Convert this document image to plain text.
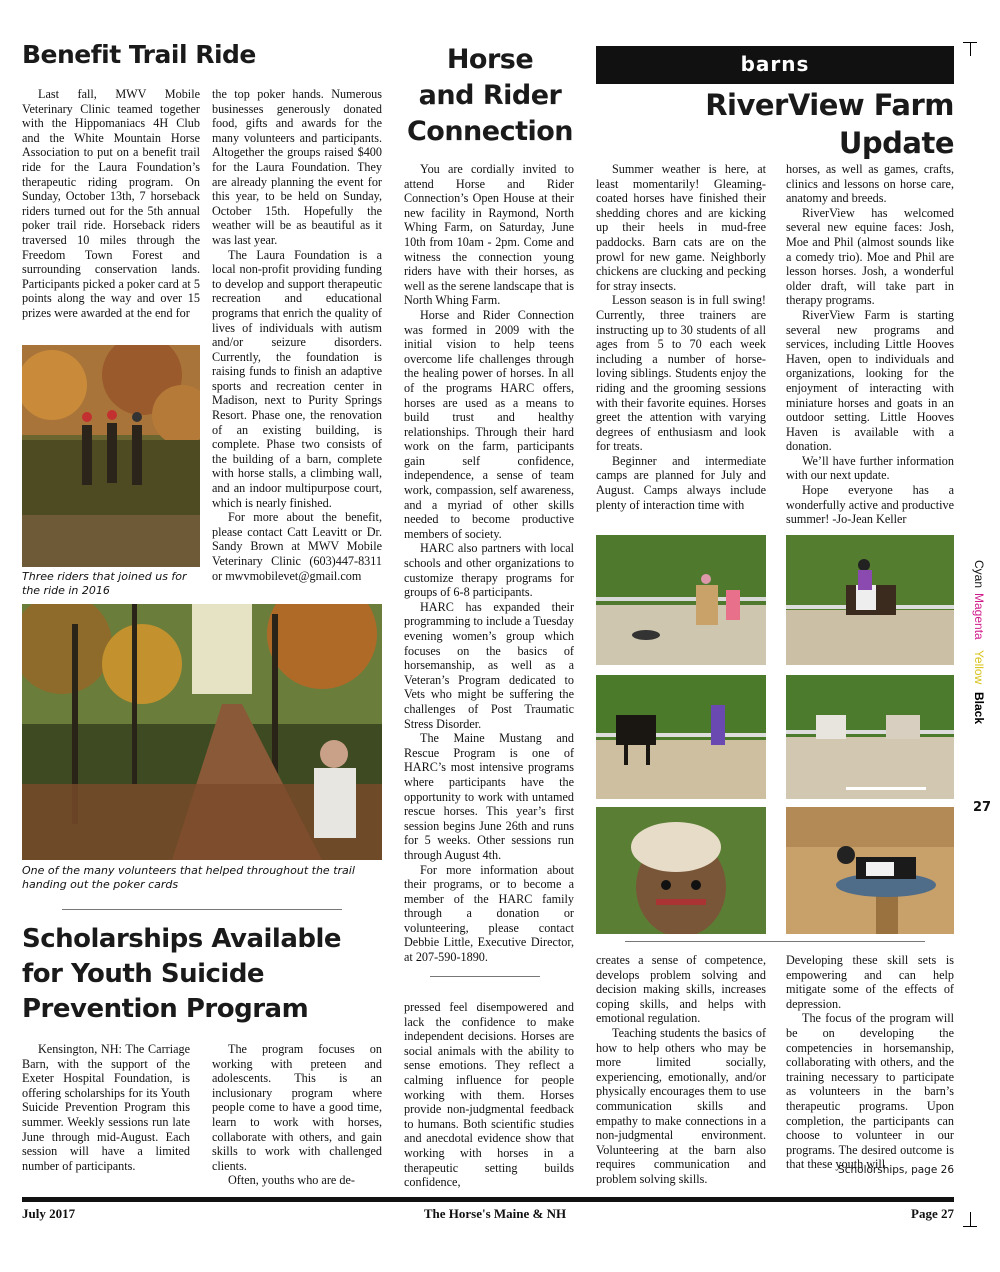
Benefit Trail Ride

Last fall, MWV Mobile Veterinary Clinic teamed together with the Hippomaniacs 4H Club and the White Mountain Horse Association to put on a benefit trail ride for the Laura Foundation’s therapeutic riding program. On Sunday, October 13th, 7 horseback riders turned out for the 5th annual poker trail ride. Horseback riders traversed 10 miles through the Freedom Town Forest and surrounding conservation lands. Participants picked a poker card at 5 points along the way and over 15 prizes were awarded at the end for

the top poker hands. Numerous businesses generously donated food, gifts and awards for the many volunteers and participants. Altogether the groups raised $400 for the Laura Foundation. They are already planning the event for this year, to be held on Sunday, October 15th. Hopefully the weather will be as beautiful as it was last year.

The Laura Foundation is a local non-profit providing funding to develop and support therapeutic recreation and educational programs that enrich the quality of lives of individuals with autism and/or seizure disorders. Currently, the foundation is raising funds to finish an adaptive sports and recreation center in Madison, next to Purity Springs Resort. Phase one, the renovation of an existing building, is complete. Phase two consists of the building of a barn, complete with horse stalls, a climbing wall, and an indoor multipurpose court, which is nearly finished.

For more about the benefit, please contact Catt Leavitt or Dr. Sandy Brown at MWV Mobile Veterinary Clinic (603)447-8311 or mwvmobilevet@gmail.com

Three riders that joined us for the ride in 2016
One of the many volunteers that helped throughout the trail handing out the poker cards
Scholarships Available
for Youth Suicide
Prevention Program

Kensington, NH: The Carriage Barn, with the support of the Exeter Hospital Foundation, is offering scholarships for its Youth Suicide Prevention Program this summer. Weekly sessions run late June through mid-August. Each session will have a limited number of participants.

The program focuses on working with preteen and adolescents. This is an inclusionary program where people come to have a good time, learn to work with horses, collaborate with others, and gain skills to work with challenged clients.

Often, youths who are de-

Horse
and Rider
Connection

You are cordially invited to attend Horse and Rider Connection’s Open House at their new facility in Raymond, North Whing Farm, on Saturday, June 10th from 10am - 2pm. Come and witness the connection young riders have with their horses, as well as the serene landscape that is North Whing Farm.

Horse and Rider Connection was formed in 2009 with the initial vision to help teens overcome life challenges through the healing power of horses. In all of the programs HARC offers, horses are used as a means to build trust and healthy relationships. Through their hard work on the farm, participants gain self confidence, independence, a sense of team work, compassion, self awareness, and a myriad of other skills needed to become productive members of society.

HARC also partners with local schools and other organizations to customize therapy programs for groups of 6-8 participants.

HARC has expanded their programming to include a Tuesday evening women’s group which focuses on the basics of horsemanship, as well as a Veteran’s Program dedicated to Vets who might be suffering the challenges of Post Traumatic Stress Disorder.

The Maine Mustang and Rescue Program is one of HARC’s most intensive programs where participants have the opportunity to work with untamed rescue horses. This year’s first session begins June 26th and runs for 5 weeks. Other sessions run through August 4th.

For more information about their programs, or to become a member of the HARC family through a donation or volunteering, please contact Debbie Little, Executive Director, at 207-590-1890.

pressed feel disempowered and lack the confidence to make independent decisions. Horses are social animals with the ability to sense emotions. They reflect a calming influence for people working with them. Horses provide non-judgmental feedback to humans. Both scientific studies and anecdotal evidence show that working with horses in a therapeutic setting builds confidence,

barns
RiverView Farm
Update

Summer weather is here, at least momentarily! Gleaming-coated horses have finished their shedding chores and are kicking up their heels in mud-free paddocks. Barn cats are on the prowl for new game. Neighborly chickens are clucking and pecking for stray insects.

Lesson season is in full swing! Currently, three trainers are instructing up to 30 students of all ages from 5 to 70 each week including a number of horse-loving siblings. Students enjoy the riding and the grooming sessions with their favorite equines. Horses greet the attention with varying degrees of enthusiasm and look for treats.

Beginner and intermediate camps are planned for July and August. Camps always include plenty of interaction time with

horses, as well as games, crafts, clinics and lessons on horse care, anatomy and breeds.

RiverView has welcomed several new equine faces: Josh, Moe and Phil (almost sounds like a comedy trio). Moe and Phil are lesson horses. Josh, a wonderful older draft, will take part in therapy programs.

RiverView Farm is starting several new programs and services, including Little Hooves Haven, open to individuals and organizations, looking for the enjoyment of interacting with miniature horses and goats in an outdoor setting. Little Hooves Haven is available with a donation.

We’ll have further information with our next update.

Hope everyone has a wonderfully active and productive summer! -Jo-Jean Keller

creates a sense of competence, develops problem solving and decision making skills, increases coping skills, and helps with emotional regulation.

Teaching students the basics of how to help others who may be more limited socially, experiencing, emotionally, and/or physically encourages them to use communication skills and empathy to make connections in a non-judgmental environment. Volunteering at the barn also requires communication and problem solving skills.

Developing these skill sets is empowering and can help mitigate some of the effects of depression.

The focus of the program will be on developing the competencies in horsemanship, collaborating with others, and the training necessary to participate as volunteers in the barn’s therapeutic programs. Upon completion, the participants can choose to volunteer in our programs. The desired outcome is that these youth will

Scholorships, page 26
Cyan
Magenta
Yellow
Black
27
July 2017	The Horse's Maine & NH	Page 27
